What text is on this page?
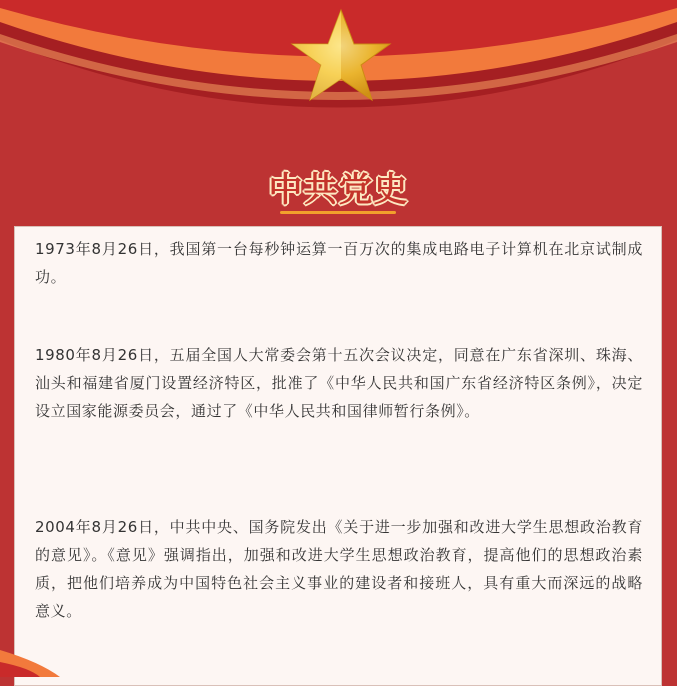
中共党史

1973年8月26日，我国第一台每秒钟运算一百万次的集成电路电子计算机在北京试制成功。

1980年8月26日，五届全国人大常委会第十五次会议决定，同意在广东省深圳、珠海、汕头和福建省厦门设置经济特区，批准了《中华人民共和国广东省经济特区条例》，决定设立国家能源委员会，通过了《中华人民共和国律师暂行条例》。

2004年8月26日，中共中央、国务院发出《关于进一步加强和改进大学生思想政治教育的意见》。《意见》强调指出，加强和改进大学生思想政治教育，提高他们的思想政治素质，把他们培养成为中国特色社会主义事业的建设者和接班人，具有重大而深远的战略意义。
